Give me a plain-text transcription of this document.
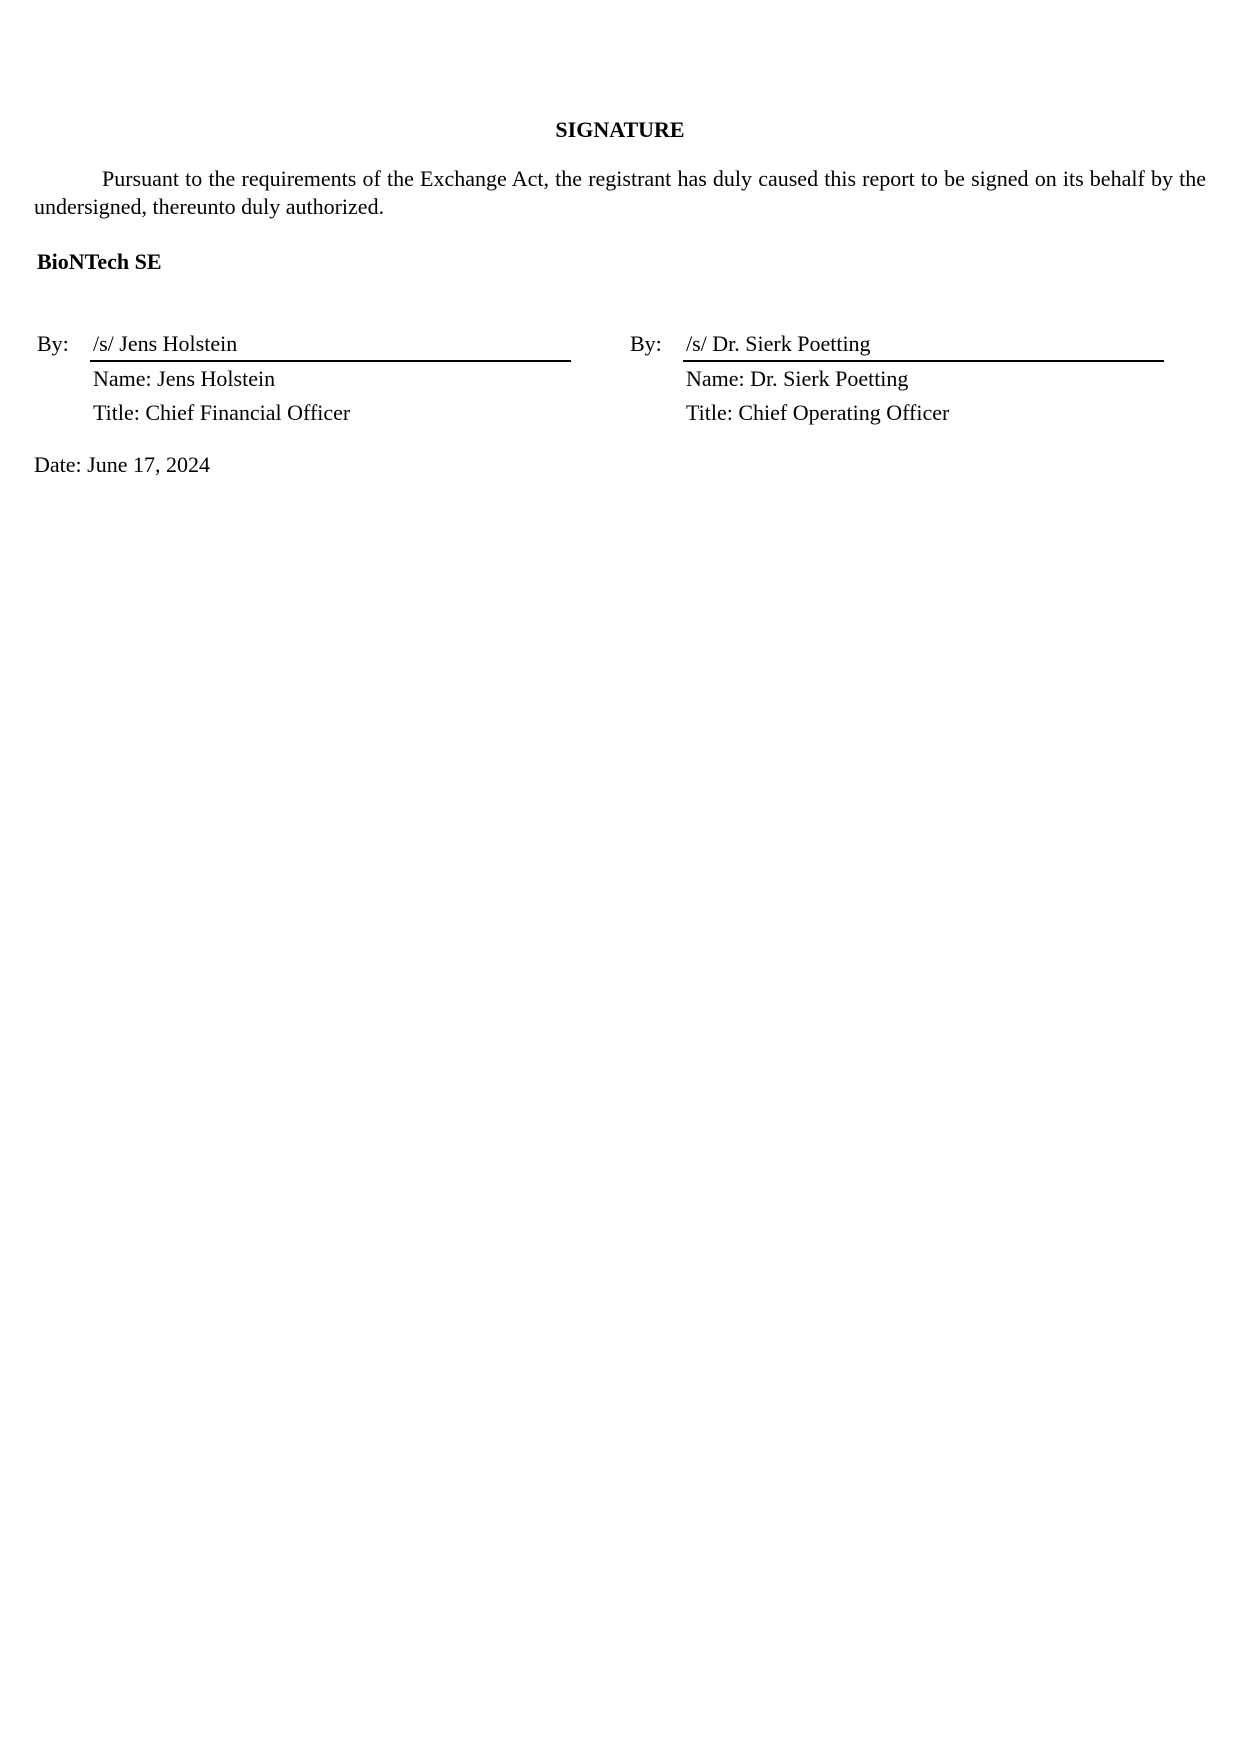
SIGNATURE
Pursuant to the requirements of the Exchange Act, the registrant has duly caused this report to be signed on its behalf by the undersigned, thereunto duly authorized.
BioNTech SE
By: /s/ Jens Holstein
Name: Jens Holstein
Title: Chief Financial Officer
By: /s/ Dr. Sierk Poetting
Name: Dr. Sierk Poetting
Title: Chief Operating Officer
Date: June 17, 2024
